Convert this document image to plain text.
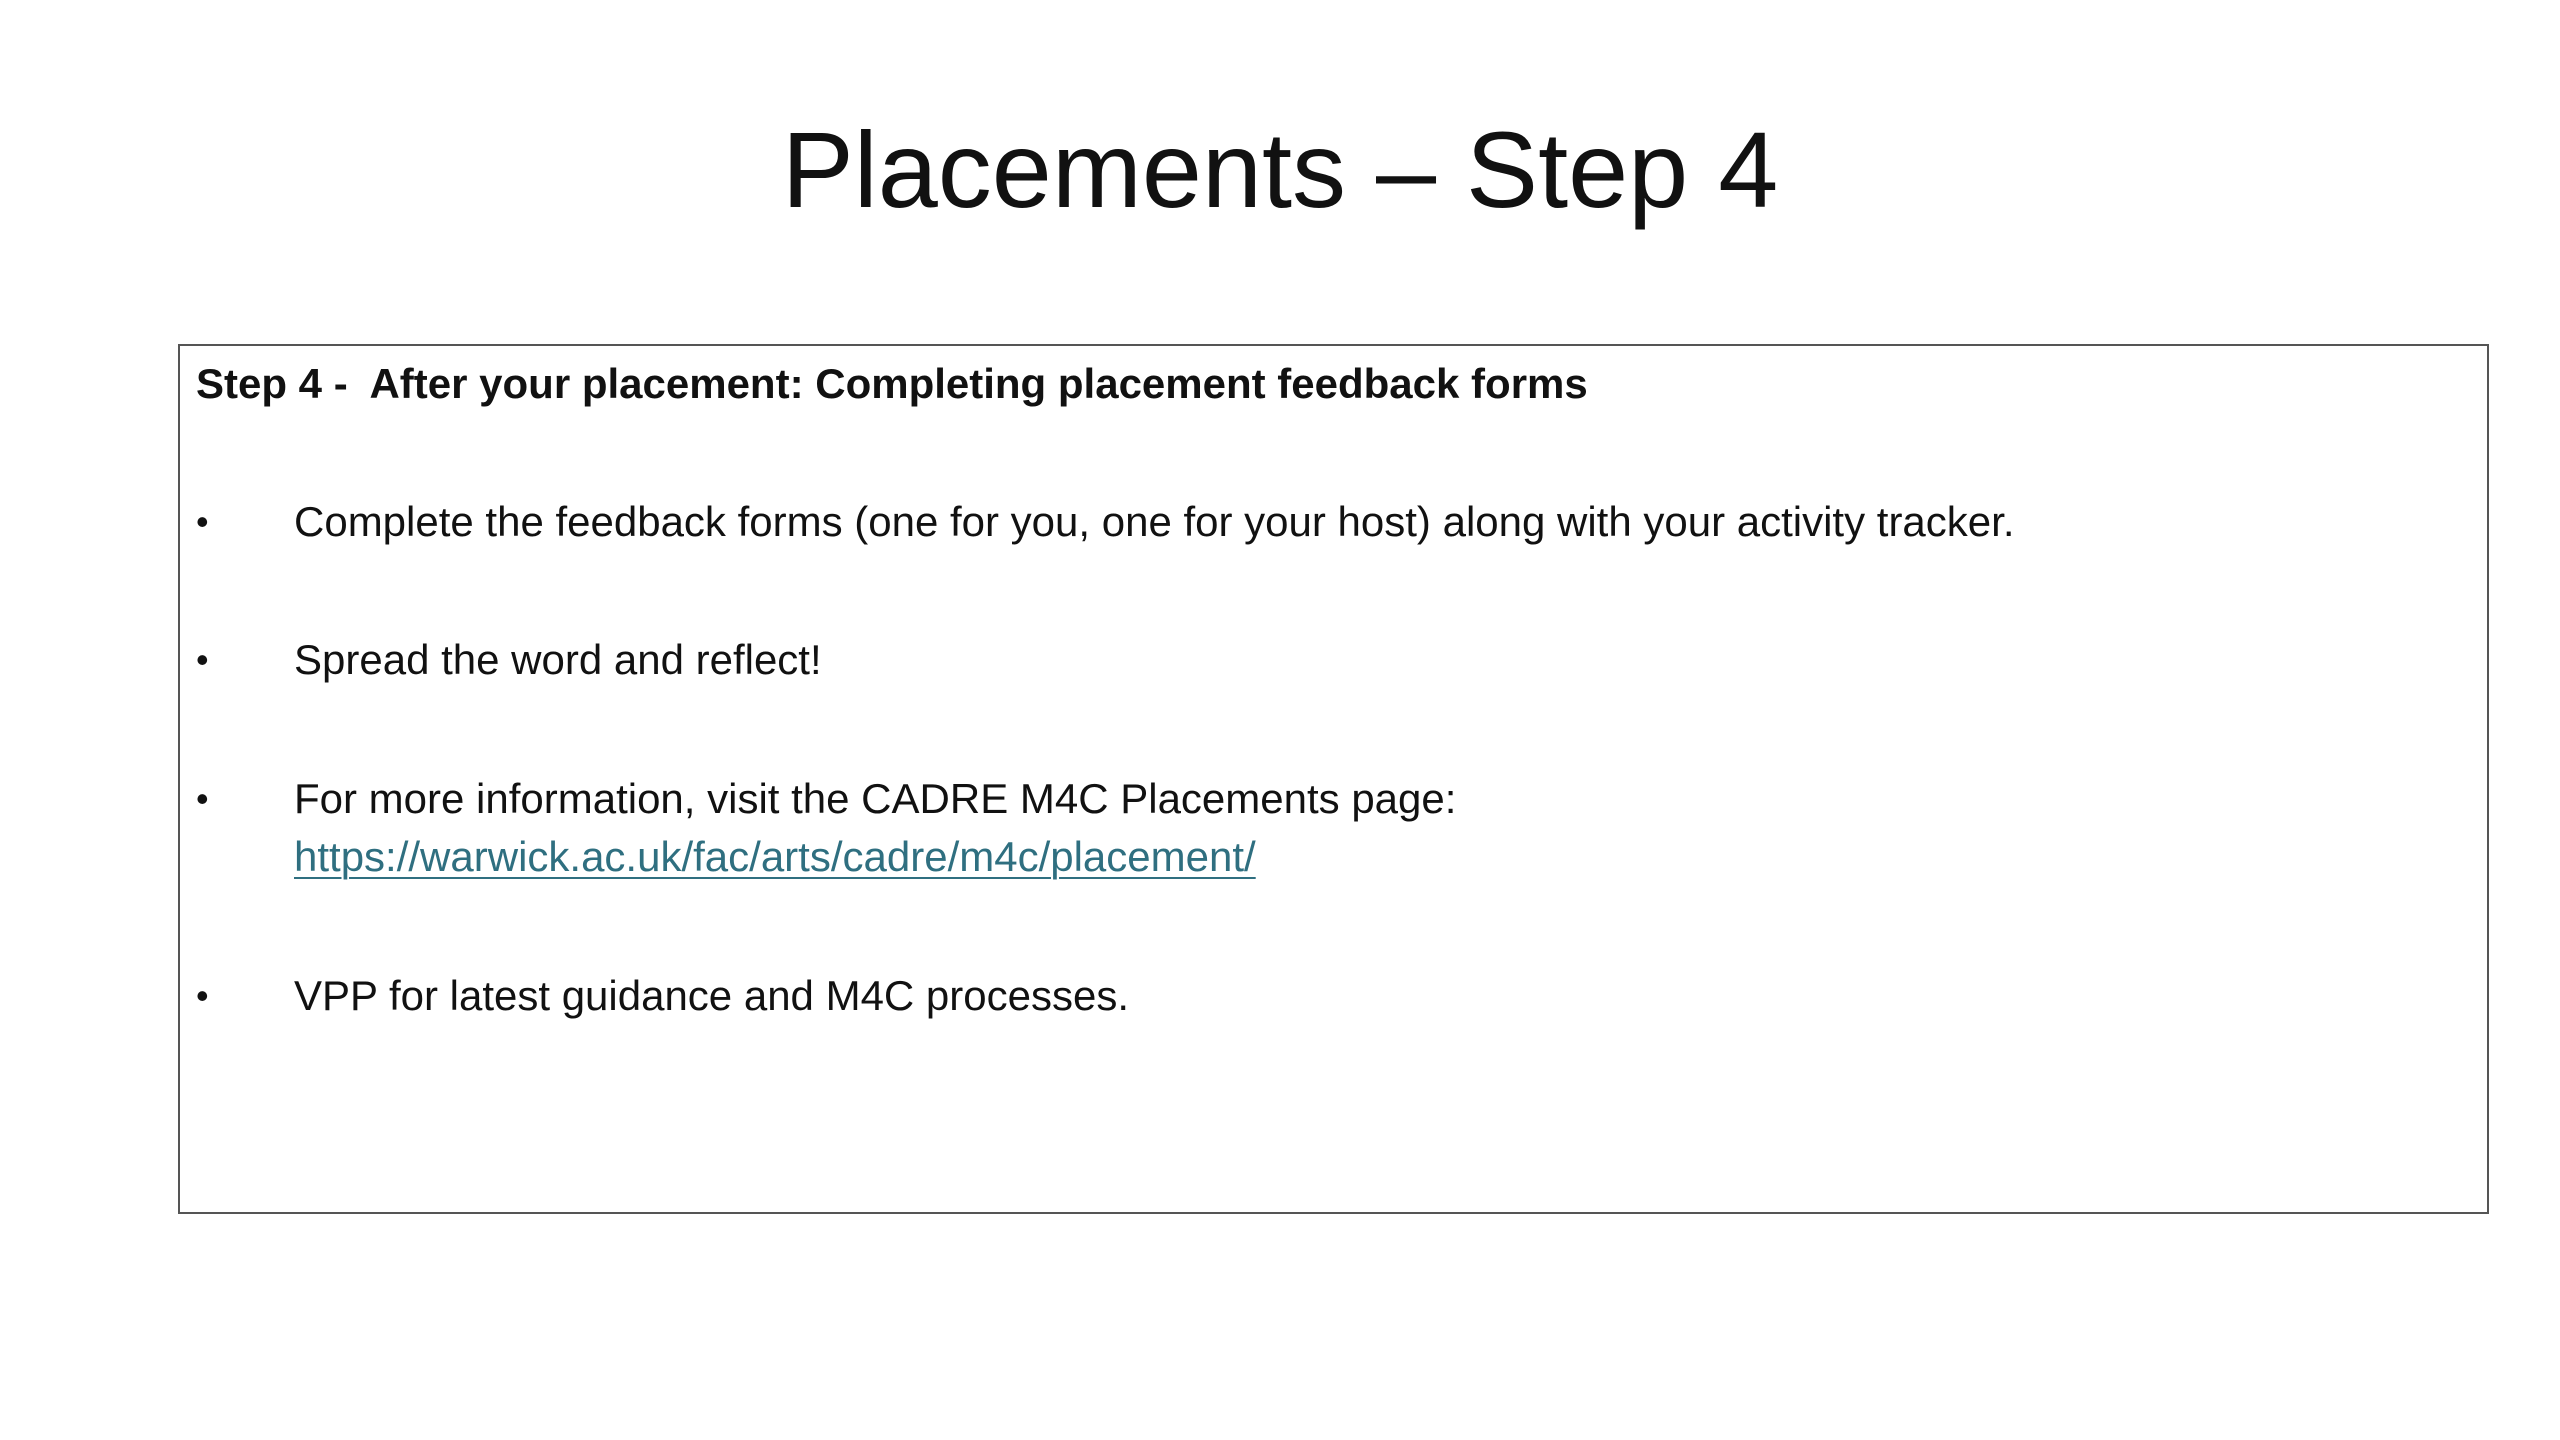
Placements – Step 4

Step 4 -  After your placement: Completing placement feedback forms

• Complete the feedback forms (one for you, one for your host) along with your activity tracker.
• Spread the word and reflect!
• For more information, visit the CADRE M4C Placements page:
https://warwick.ac.uk/fac/arts/cadre/m4c/placement/
• VPP for latest guidance and M4C processes.
